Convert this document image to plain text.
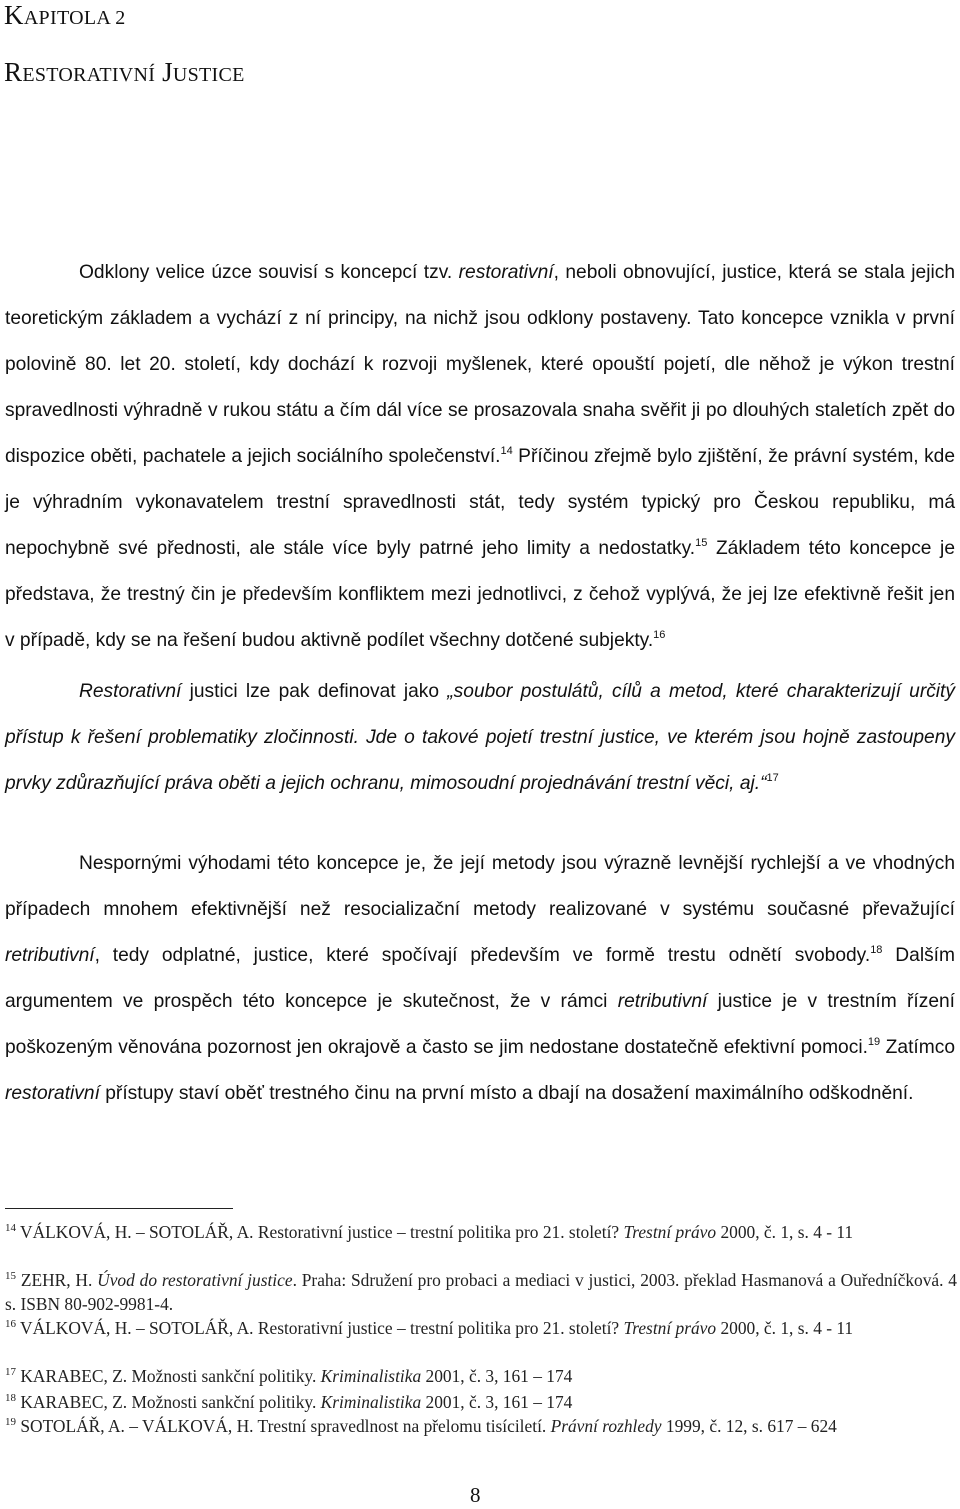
KAPITOLA 2
RESTORATIVNÍ JUSTICE

Odklony velice úzce souvisí s koncepcí tzv. restorativní, neboli obnovující, justice, která se stala jejich teoretickým základem a vychází z ní principy, na nichž jsou odklony postaveny. Tato koncepce vznikla v první polovině 80. let 20. století, kdy dochází k rozvoji myšlenek, které opouští pojetí, dle něhož je výkon trestní spravedlnosti výhradně v rukou státu a čím dál více se prosazovala snaha svěřit ji po dlouhých staletích zpět do dispozice oběti, pachatele a jejich sociálního společenství.$^{14}$ Příčinou zřejmě bylo zjištění, že právní systém, kde je výhradním vykonavatelem trestní spravedlnosti stát, tedy systém typický pro Českou republiku, má nepochybně své přednosti, ale stále více byly patrné jeho limity a nedostatky.$^{15}$ Základem této koncepce je představa, že trestný čin je především konfliktem mezi jednotlivci, z čehož vyplývá, že jej lze efektivně řešit jen v případě, kdy se na řešení budou aktivně podílet všechny dotčené subjekty.$^{16}$

Restorativní justici lze pak definovat jako „soubor postulátů, cílů a metod, které charakterizují určitý přístup k řešení problematiky zločinnosti. Jde o takové pojetí trestní justice, ve kterém jsou hojně zastoupeny prvky zdůrazňující práva oběti a jejich ochranu, mimosoudní projednávání trestní věci, aj.“$^{17}$

Nespornými výhodami této koncepce je, že její metody jsou výrazně levnější rychlejší a ve vhodných případech mnohem efektivnější než resocializační metody realizované v systému současné převažující retributivní, tedy odplatné, justice, které spočívají především ve formě trestu odnětí svobody.$^{18}$ Dalším argumentem ve prospěch této koncepce je skutečnost, že v rámci retributivní justice je v trestním řízení poškozeným věnována pozornost jen okrajově a často se jim nedostane dostatečně efektivní pomoci.$^{19}$ Zatímco restorativní přístupy staví oběť trestného činu na první místo a dbají na dosažení maximálního odškodnění.

$^{14}$ VÁLKOVÁ, H. – SOTOLÁŘ, A. Restorativní justice – trestní politika pro 21. století? Trestní právo 2000, č. 1, s. 4 - 11

$^{15}$ ZEHR, H. Úvod do restorativní justice. Praha: Sdružení pro probaci a mediaci v justici, 2003. překlad Hasmanová a Ouředníčková. 4 s. ISBN 80-902-9981-4.

$^{16}$ VÁLKOVÁ, H. – SOTOLÁŘ, A. Restorativní justice – trestní politika pro 21. století? Trestní právo 2000, č. 1, s. 4 - 11

$^{17}$ KARABEC, Z. Možnosti sankční politiky. Kriminalistika 2001, č. 3, 161 – 174

$^{18}$ KARABEC, Z. Možnosti sankční politiky. Kriminalistika 2001, č. 3, 161 – 174

$^{19}$ SOTOLÁŘ, A. – VÁLKOVÁ, H. Trestní spravedlnost na přelomu tisíciletí. Právní rozhledy 1999, č. 12, s. 617 – 624

8
